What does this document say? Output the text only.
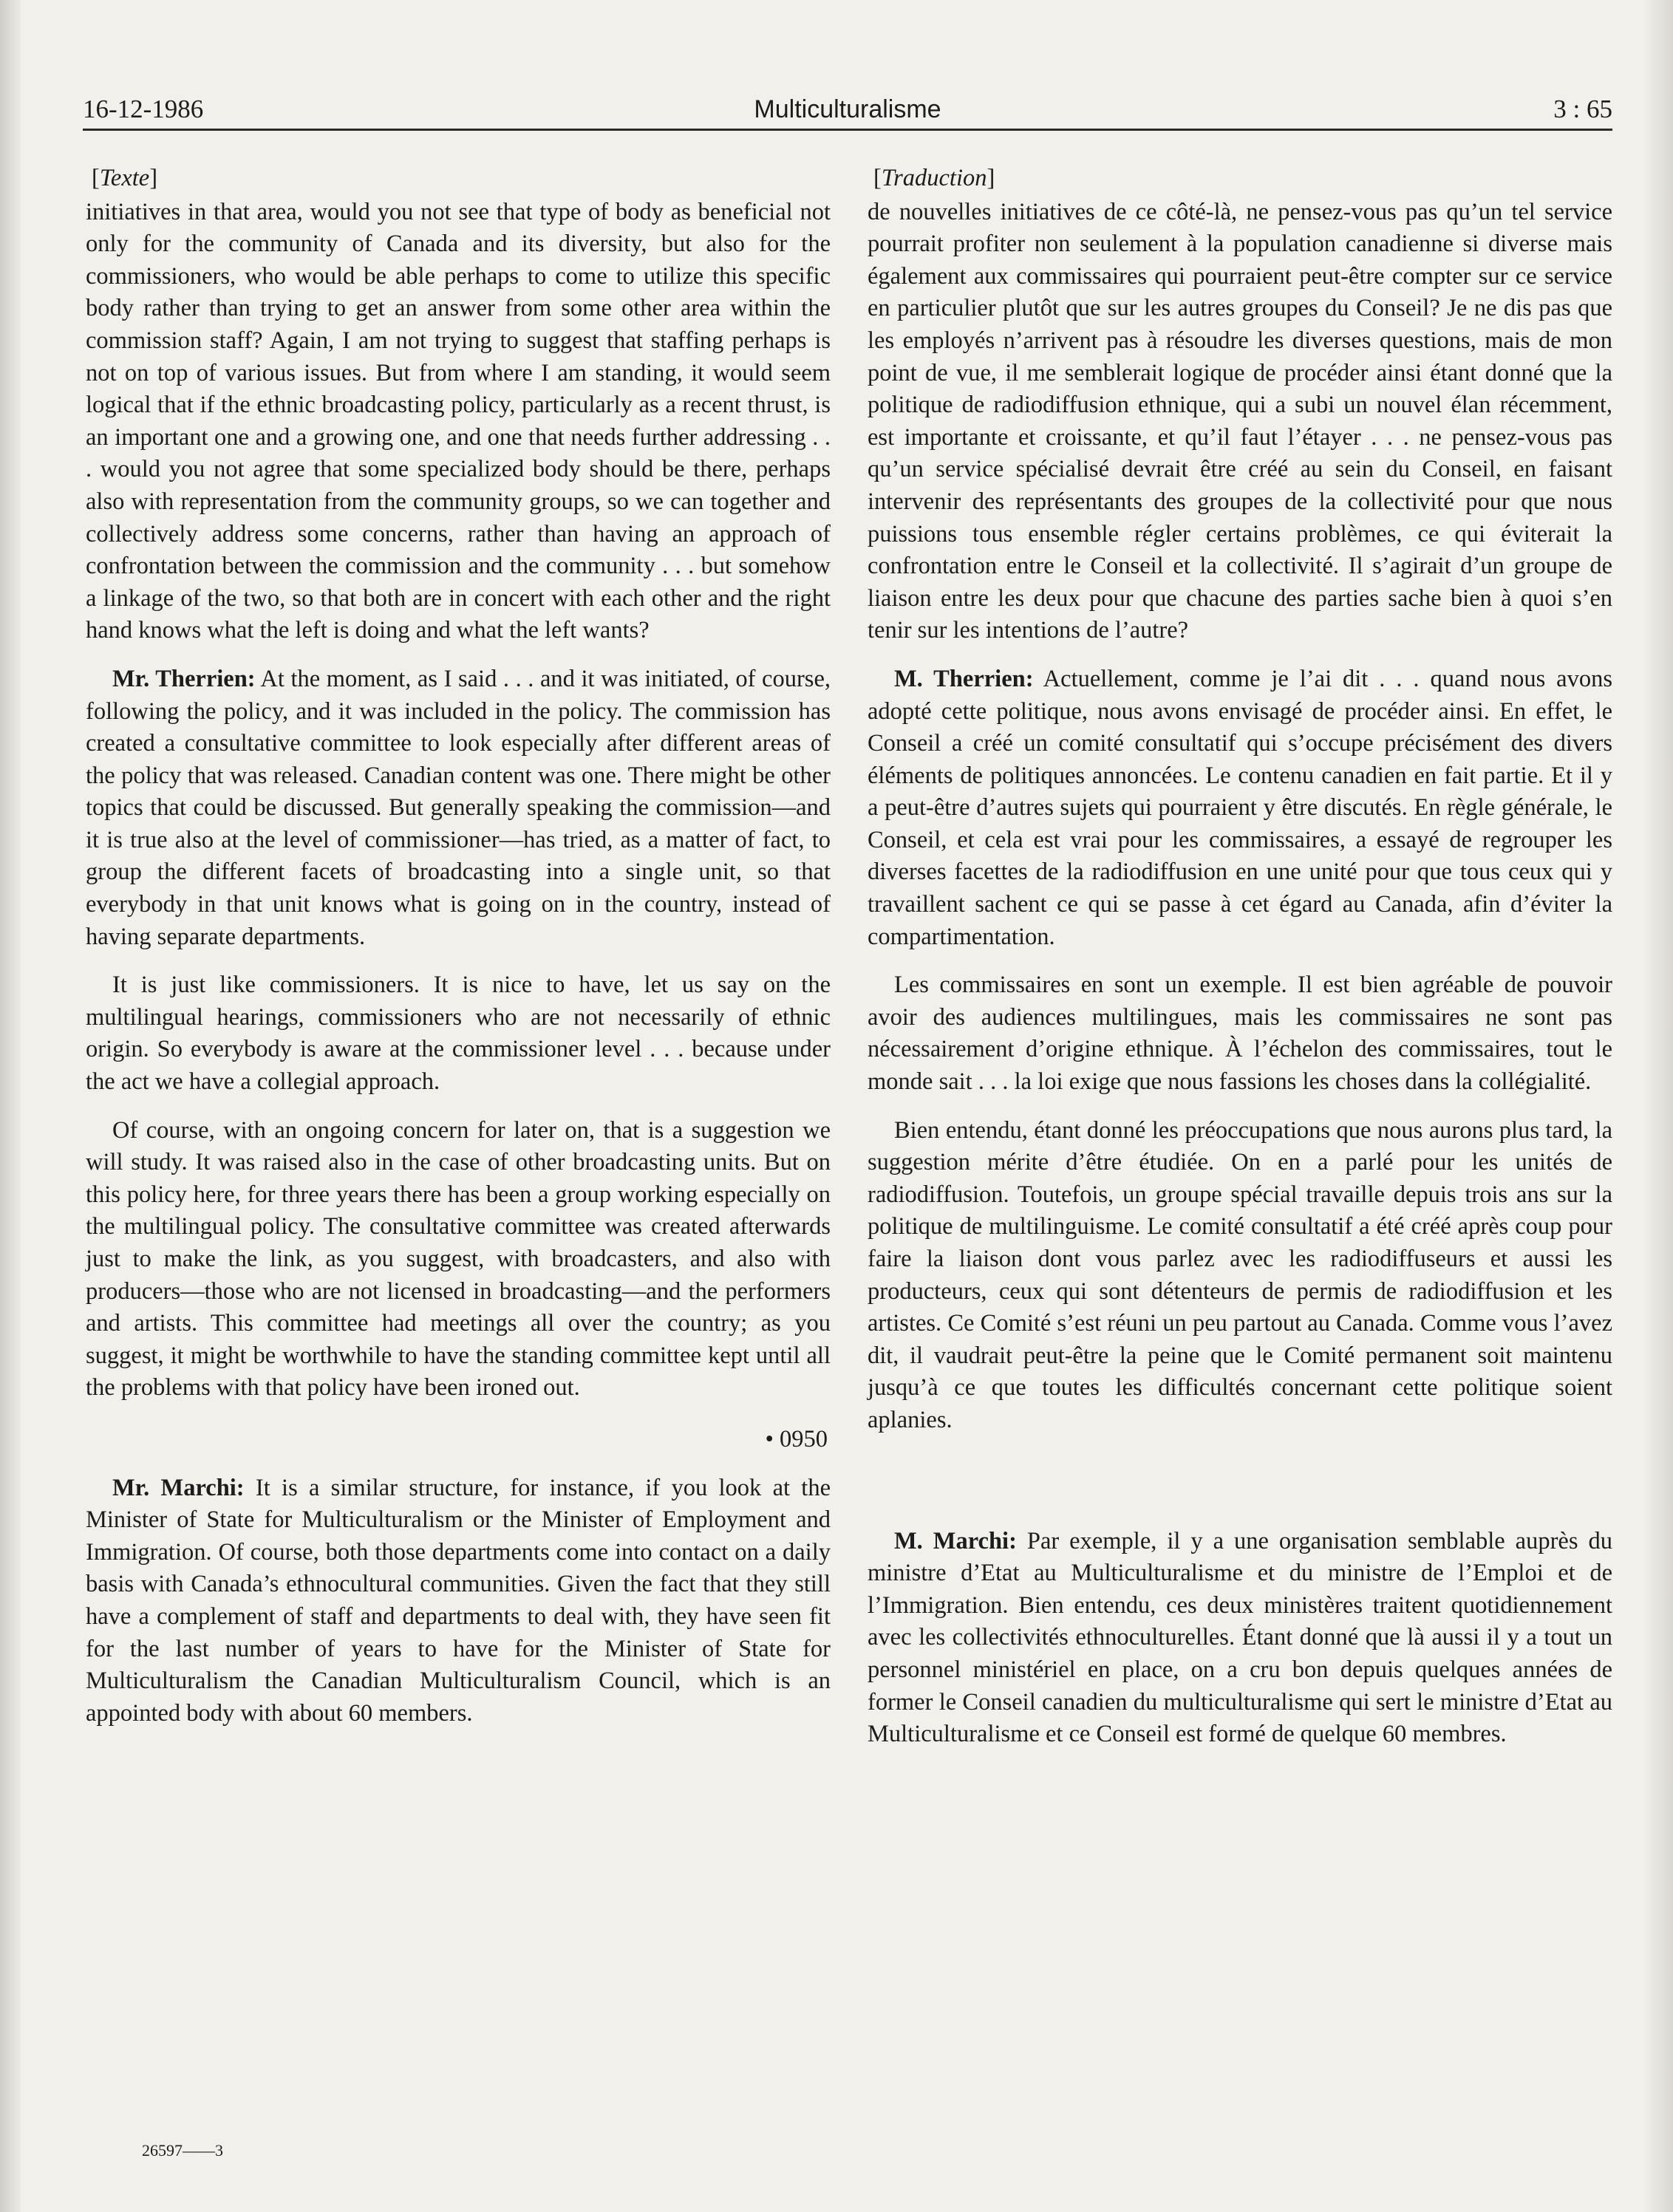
16-12-1986	Multiculturalisme	3 : 65
[Texte]

initiatives in that area, would you not see that type of body as beneficial not only for the community of Canada and its diversity, but also for the commissioners, who would be able perhaps to come to utilize this specific body rather than trying to get an answer from some other area within the commission staff? Again, I am not trying to suggest that staffing perhaps is not on top of various issues. But from where I am standing, it would seem logical that if the ethnic broadcasting policy, particularly as a recent thrust, is an important one and a growing one, and one that needs further addressing . . . would you not agree that some specialized body should be there, perhaps also with representation from the community groups, so we can together and collectively address some concerns, rather than having an approach of confrontation between the commission and the community . . . but somehow a linkage of the two, so that both are in concert with each other and the right hand knows what the left is doing and what the left wants?

Mr. Therrien: At the moment, as I said . . . and it was initiated, of course, following the policy, and it was included in the policy. The commission has created a consultative committee to look especially after different areas of the policy that was released. Canadian content was one. There might be other topics that could be discussed. But generally speaking the commission—and it is true also at the level of commissioner—has tried, as a matter of fact, to group the different facets of broadcasting into a single unit, so that everybody in that unit knows what is going on in the country, instead of having separate departments.

It is just like commissioners. It is nice to have, let us say on the multilingual hearings, commissioners who are not necessarily of ethnic origin. So everybody is aware at the commissioner level . . . because under the act we have a collegial approach.

Of course, with an ongoing concern for later on, that is a suggestion we will study. It was raised also in the case of other broadcasting units. But on this policy here, for three years there has been a group working especially on the multilingual policy. The consultative committee was created afterwards just to make the link, as you suggest, with broadcasters, and also with producers—those who are not licensed in broadcasting—and the performers and artists. This committee had meetings all over the country; as you suggest, it might be worthwhile to have the standing committee kept until all the problems with that policy have been ironed out.

• 0950

Mr. Marchi: It is a similar structure, for instance, if you look at the Minister of State for Multiculturalism or the Minister of Employment and Immigration. Of course, both those departments come into contact on a daily basis with Canada’s ethnocultural communities. Given the fact that they still have a complement of staff and departments to deal with, they have seen fit for the last number of years to have for the Minister of State for Multiculturalism the Canadian Multiculturalism Council, which is an appointed body with about 60 members.

[Traduction]

de nouvelles initiatives de ce côté-là, ne pensez-vous pas qu’un tel service pourrait profiter non seulement à la population canadienne si diverse mais également aux commissaires qui pourraient peut-être compter sur ce service en particulier plutôt que sur les autres groupes du Conseil? Je ne dis pas que les employés n’arrivent pas à résoudre les diverses questions, mais de mon point de vue, il me semblerait logique de procéder ainsi étant donné que la politique de radiodiffusion ethnique, qui a subi un nouvel élan récemment, est importante et croissante, et qu’il faut l’étayer . . . ne pensez-vous pas qu’un service spécialisé devrait être créé au sein du Conseil, en faisant intervenir des représentants des groupes de la collectivité pour que nous puissions tous ensemble régler certains problèmes, ce qui éviterait la confrontation entre le Conseil et la collectivité. Il s’agirait d’un groupe de liaison entre les deux pour que chacune des parties sache bien à quoi s’en tenir sur les intentions de l’autre?

M. Therrien: Actuellement, comme je l’ai dit . . . quand nous avons adopté cette politique, nous avons envisagé de procéder ainsi. En effet, le Conseil a créé un comité consultatif qui s’occupe précisément des divers éléments de politiques annoncées. Le contenu canadien en fait partie. Et il y a peut-être d’autres sujets qui pourraient y être discutés. En règle générale, le Conseil, et cela est vrai pour les commissaires, a essayé de regrouper les diverses facettes de la radiodiffusion en une unité pour que tous ceux qui y travaillent sachent ce qui se passe à cet égard au Canada, afin d’éviter la compartimentation.

Les commissaires en sont un exemple. Il est bien agréable de pouvoir avoir des audiences multilingues, mais les commissaires ne sont pas nécessairement d’origine ethnique. À l’échelon des commissaires, tout le monde sait . . . la loi exige que nous fassions les choses dans la collégialité.

Bien entendu, étant donné les préoccupations que nous aurons plus tard, la suggestion mérite d’être étudiée. On en a parlé pour les unités de radiodiffusion. Toutefois, un groupe spécial travaille depuis trois ans sur la politique de multilinguisme. Le comité consultatif a été créé après coup pour faire la liaison dont vous parlez avec les radiodiffuseurs et aussi les producteurs, ceux qui sont détenteurs de permis de radiodiffusion et les artistes. Ce Comité s’est réuni un peu partout au Canada. Comme vous l’avez dit, il vaudrait peut-être la peine que le Comité permanent soit maintenu jusqu’à ce que toutes les difficultés concernant cette politique soient aplanies.

M. Marchi: Par exemple, il y a une organisation semblable auprès du ministre d’Etat au Multiculturalisme et du ministre de l’Emploi et de l’Immigration. Bien entendu, ces deux ministères traitent quotidiennement avec les collectivités ethnoculturelles. Étant donné que là aussi il y a tout un personnel ministériel en place, on a cru bon depuis quelques années de former le Conseil canadien du multiculturalisme qui sert le ministre d’Etat au Multiculturalisme et ce Conseil est formé de quelque 60 membres.

26597——3
